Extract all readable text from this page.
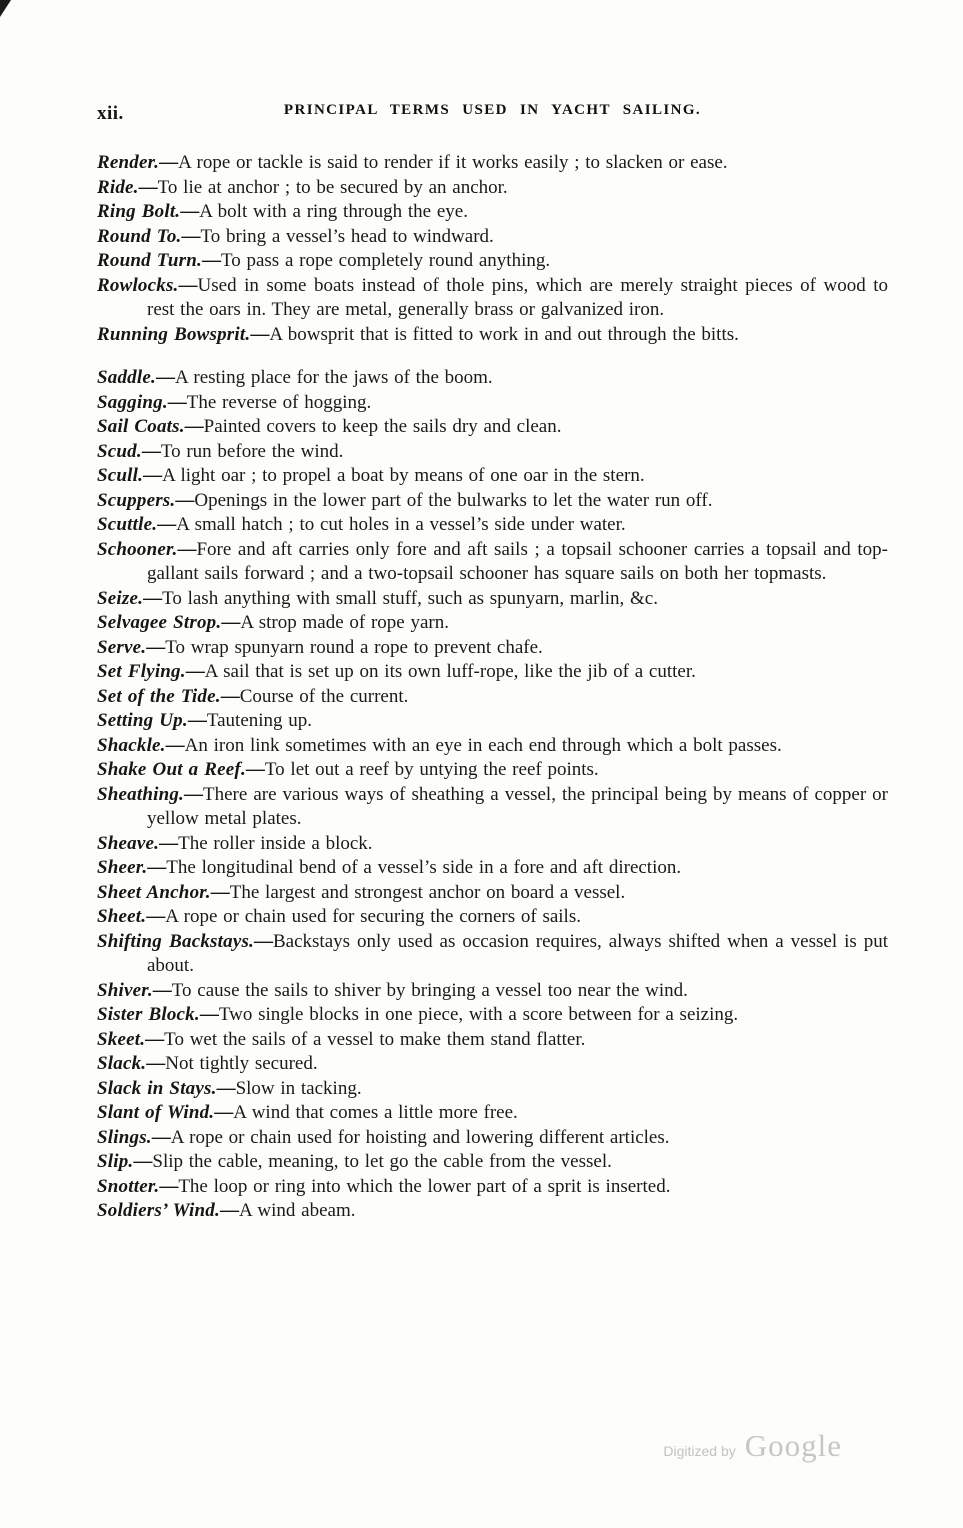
xii.	PRINCIPAL TERMS USED IN YACHT SAILING.

Render.—A rope or tackle is said to render if it works easily ; to slacken or ease.

Ride.—To lie at anchor ; to be secured by an anchor.

Ring Bolt.—A bolt with a ring through the eye.

Round To.—To bring a vessel’s head to windward.

Round Turn.—To pass a rope completely round anything.

Rowlocks.—Used in some boats instead of thole pins, which are merely straight pieces of wood to rest the oars in. They are metal, generally brass or galvanized iron.

Running Bowsprit.—A bowsprit that is fitted to work in and out through the bitts.

Saddle.—A resting place for the jaws of the boom.

Sagging.—The reverse of hogging.

Sail Coats.—Painted covers to keep the sails dry and clean.

Scud.—To run before the wind.

Scull.—A light oar ; to propel a boat by means of one oar in the stern.

Scuppers.—Openings in the lower part of the bulwarks to let the water run off.

Scuttle.—A small hatch ; to cut holes in a vessel’s side under water.

Schooner.—Fore and aft carries only fore and aft sails ; a topsail schooner carries a topsail and top-gallant sails forward ; and a two-topsail schooner has square sails on both her topmasts.

Seize.—To lash anything with small stuff, such as spunyarn, marlin, &c.

Selvagee Strop.—A strop made of rope yarn.

Serve.—To wrap spunyarn round a rope to prevent chafe.

Set Flying.—A sail that is set up on its own luff-rope, like the jib of a cutter.

Set of the Tide.—Course of the current.

Setting Up.—Tautening up.

Shackle.—An iron link sometimes with an eye in each end through which a bolt passes.

Shake Out a Reef.—To let out a reef by untying the reef points.

Sheathing.—There are various ways of sheathing a vessel, the principal being by means of copper or yellow metal plates.

Sheave.—The roller inside a block.

Sheer.—The longitudinal bend of a vessel’s side in a fore and aft direction.

Sheet Anchor.—The largest and strongest anchor on board a vessel.

Sheet.—A rope or chain used for securing the corners of sails.

Shifting Backstays.—Backstays only used as occasion requires, always shifted when a vessel is put about.

Shiver.—To cause the sails to shiver by bringing a vessel too near the wind.

Sister Block.—Two single blocks in one piece, with a score between for a seizing.

Skeet.—To wet the sails of a vessel to make them stand flatter.

Slack.—Not tightly secured.

Slack in Stays.—Slow in tacking.

Slant of Wind.—A wind that comes a little more free.

Slings.—A rope or chain used for hoisting and lowering different articles.

Slip.—Slip the cable, meaning, to let go the cable from the vessel.

Snotter.—The loop or ring into which the lower part of a sprit is inserted.

Soldiers’ Wind.—A wind abeam.

Digitized by Google
